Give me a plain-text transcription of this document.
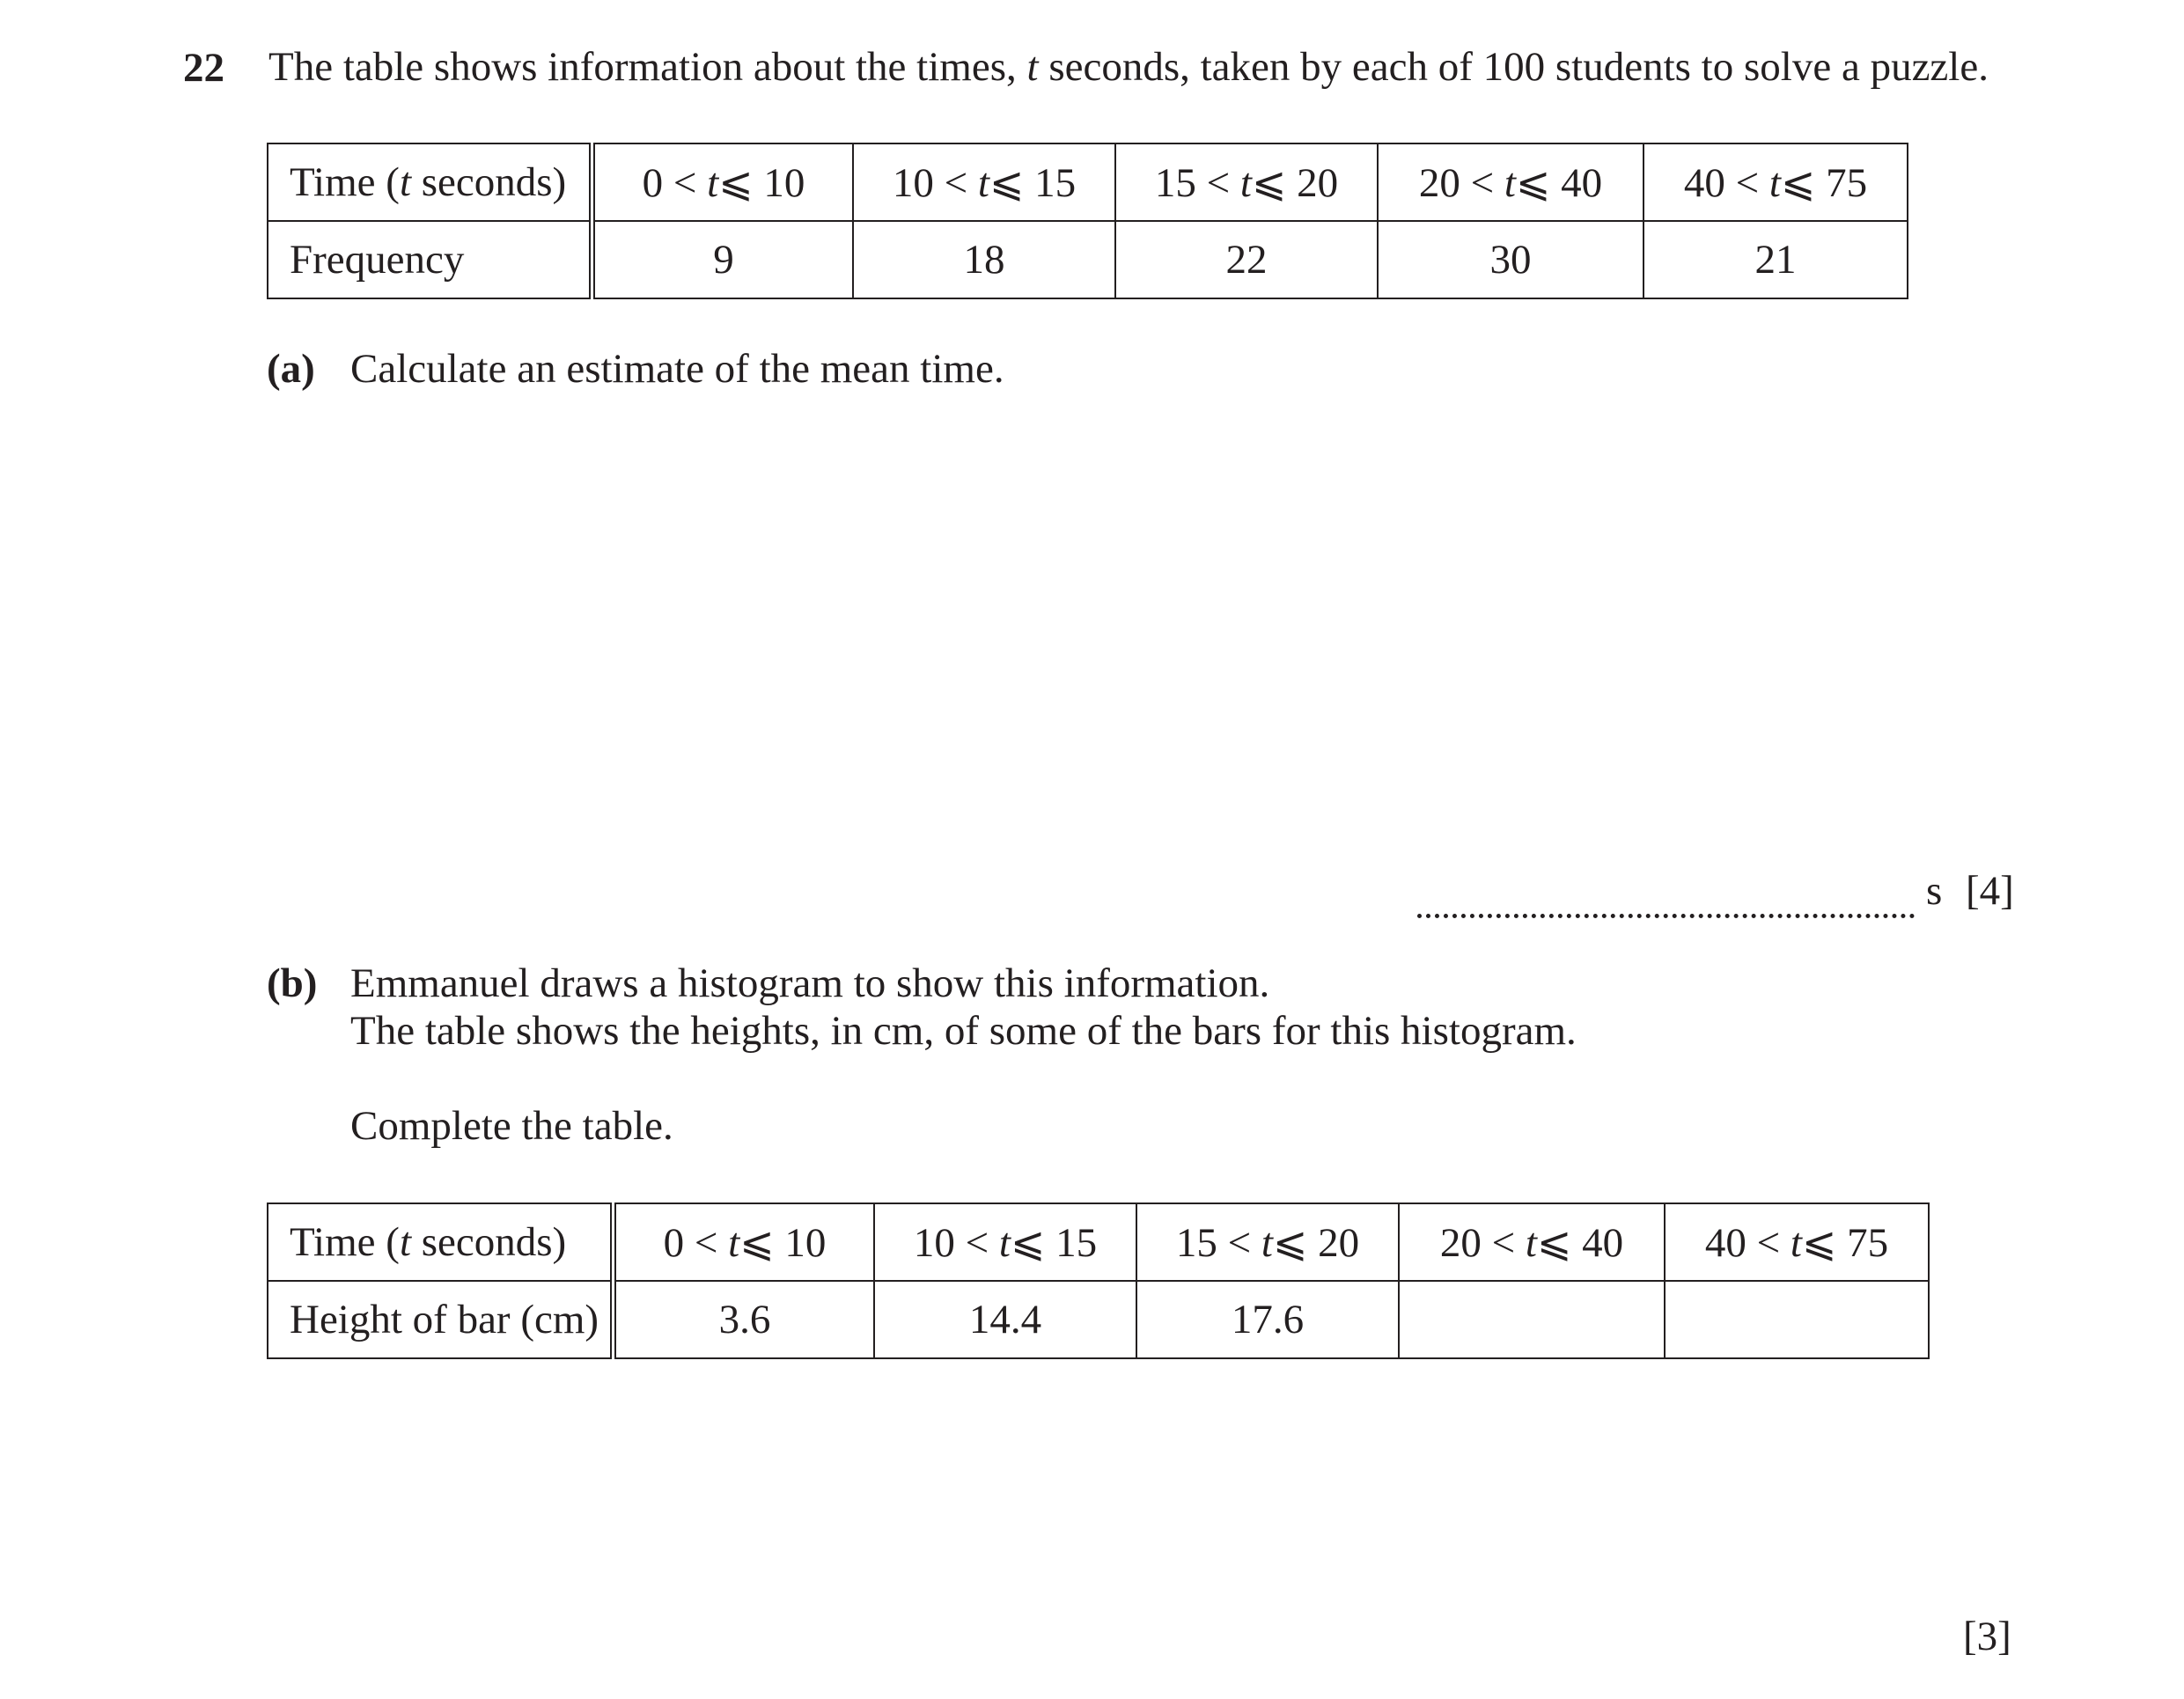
22 The table shows information about the times, t seconds, taken by each of 100 students to solve a puzzle.
Time (t seconds)	0 < t⩽ 10	10 < t⩽ 15	15 < t⩽ 20	20 < t⩽ 40	40 < t⩽ 75
Frequency	9	18	22	30	21
(a) Calculate an estimate of the mean time.
s [4]
(b) Emmanuel draws a histogram to show this information.
The table shows the heights, in cm, of some of the bars for this histogram.
Complete the table.
Time (t seconds)	0 < t⩽ 10	10 < t⩽ 15	15 < t⩽ 20	20 < t⩽ 40	40 < t⩽ 75
Height of bar (cm)	3.6	14.4	17.6		
[3]
